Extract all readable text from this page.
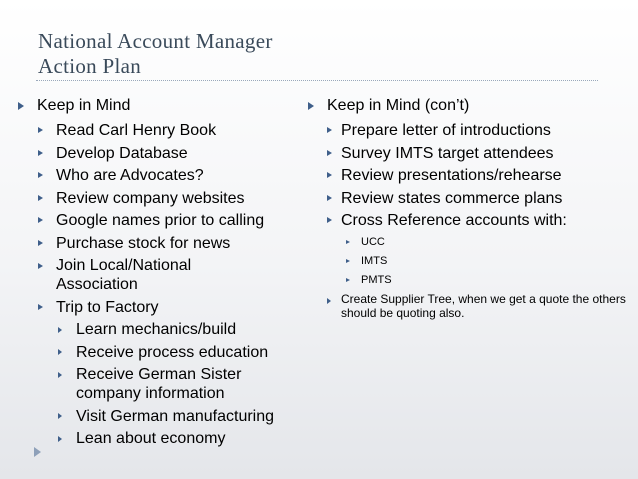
National Account Manager
Action Plan
Keep in Mind
Read Carl Henry Book
Develop Database
Who are Advocates?
Review company websites
Google names prior to calling
Purchase stock for news
Join Local/National Association
Trip to Factory
Learn mechanics/build
Receive process education
Receive German Sister company information
Visit German manufacturing
Lean about economy
Keep in Mind (con’t)
Prepare letter of introductions
Survey IMTS target attendees
Review presentations/rehearse
Review states commerce plans
Cross Reference accounts with:
UCC
IMTS
PMTS
Create Supplier Tree, when we get a quote the others should be quoting also.
